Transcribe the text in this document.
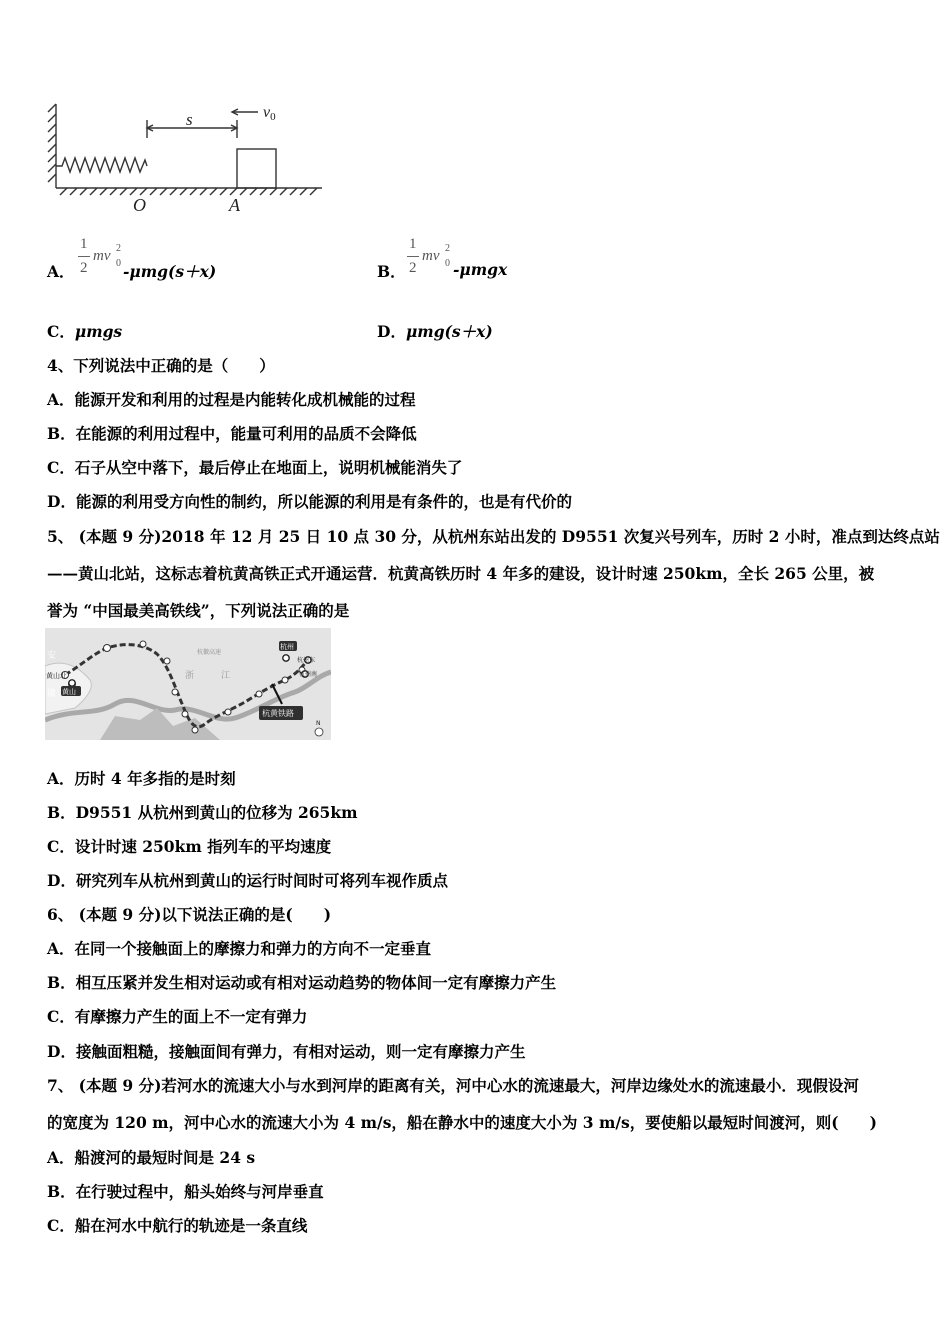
v0
s
O	A
A．
1
2
mv 2
0 -μmg(s＋x)	B．
1
2
mv 2
0 -μmgx
C．μmgs	D．μmg(s＋x)
4、下列说法中正确的是（　　）
A．能源开发和利用的过程是内能转化成机械能的过程
B．在能源的利用过程中，能量可利用的品质不会降低
C．石子从空中落下，最后停止在地面上，说明机械能消失了
D．能源的利用受方向性的制约，所以能源的利用是有条件的，也是有代价的
5、 (本题 9 分)2018 年 12 月 25 日 10 点 30 分，从杭州东站出发的 D9551 次复兴号列车，历时 2 小时，准点到达终点站
——黄山北站，这标志着杭黄高铁正式开通运营．杭黄高铁历时 4 年多的建设，设计时速 250km，全长 265 公里，被
誉为 “中国最美高铁线”，下列说法正确的是
安
徽
浙	江
杭徽高速
黄山北
黄山
杭州
杭州东
杭州南
杭黄铁路
N
A．历时 4 年多指的是时刻
B．D9551 从杭州到黄山的位移为 265km
C．设计时速 250km 指列车的平均速度
D．研究列车从杭州到黄山的运行时间时可将列车视作质点
6、 (本题 9 分)以下说法正确的是(　　)
A．在同一个接触面上的摩擦力和弹力的方向不一定垂直
B．相互压紧并发生相对运动或有相对运动趋势的物体间一定有摩擦力产生
C．有摩擦力产生的面上不一定有弹力
D．接触面粗糙，接触面间有弹力，有相对运动，则一定有摩擦力产生
7、 (本题 9 分)若河水的流速大小与水到河岸的距离有关，河中心水的流速最大，河岸边缘处水的流速最小．现假设河
的宽度为 120 m，河中心水的流速大小为 4 m/s，船在静水中的速度大小为 3 m/s，要使船以最短时间渡河，则(　　)
A．船渡河的最短时间是 24 s
B．在行驶过程中，船头始终与河岸垂直
C．船在河水中航行的轨迹是一条直线
